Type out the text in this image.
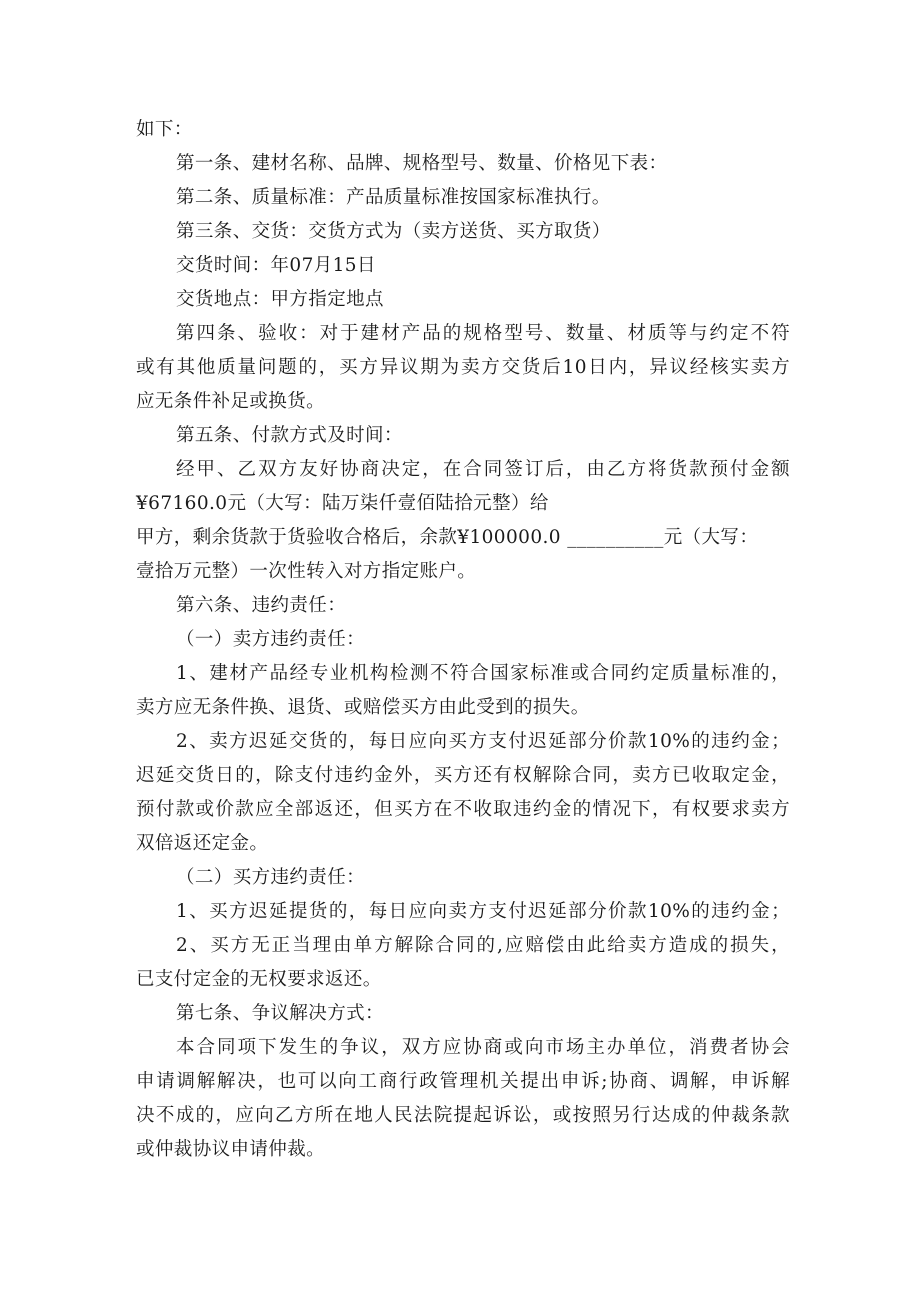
如下：
第一条、建材名称、品牌、规格型号、数量、价格见下表：
第二条、质量标准：产品质量标准按国家标准执行。
第三条、交货：交货方式为（卖方送货、买方取货）
交货时间：年07月15日
交货地点：甲方指定地点
第四条、验收：对于建材产品的规格型号、数量、材质等与约定不符
或有其他质量问题的，买方异议期为卖方交货后10日内，异议经核实卖方
应无条件补足或换货。
第五条、付款方式及时间：
经甲、乙双方友好协商决定，在合同签订后，由乙方将货款预付金额
¥67160.0元（大写：陆万柒仟壹佰陆拾元整）给
甲方，剩余货款于货验收合格后，余款¥100000.0 __________元（大写：
壹拾万元整）一次性转入对方指定账户。
第六条、违约责任：
（一）卖方违约责任：
1、建材产品经专业机构检测不符合国家标准或合同约定质量标准的，
卖方应无条件换、退货、或赔偿买方由此受到的损失。
2、卖方迟延交货的，每日应向买方支付迟延部分价款10%的违约金；
迟延交货日的，除支付违约金外，买方还有权解除合同，卖方已收取定金，
预付款或价款应全部返还，但买方在不收取违约金的情况下，有权要求卖方
双倍返还定金。
（二）买方违约责任：
1、买方迟延提货的，每日应向卖方支付迟延部分价款10%的违约金；
2、买方无正当理由单方解除合同的,应赔偿由此给卖方造成的损失，
已支付定金的无权要求返还。
第七条、争议解决方式：
本合同项下发生的争议，双方应协商或向市场主办单位，消费者协会
申请调解解决，也可以向工商行政管理机关提出申诉;协商、调解，申诉解
决不成的，应向乙方所在地人民法院提起诉讼，或按照另行达成的仲裁条款
或仲裁协议申请仲裁。
